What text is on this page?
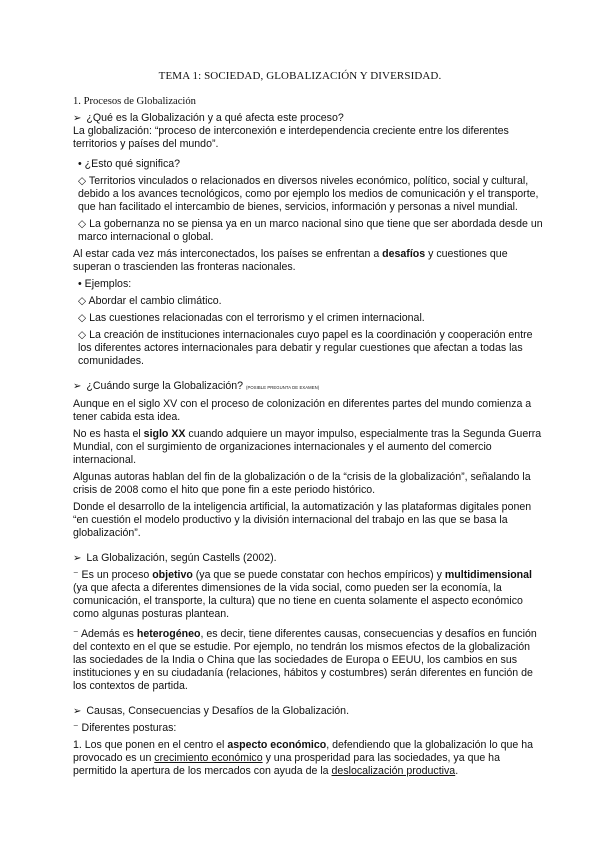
TEMA 1: SOCIEDAD, GLOBALIZACIÓN Y DIVERSIDAD.
1. Procesos de Globalización

➢ ¿Qué es la Globalización y a qué afecta este proceso?

La globalización: “proceso de interconexión e interdependencia creciente entre los diferentes territorios y países del mundo”.

• ¿Esto qué significa?

◇ Territorios vinculados o relacionados en diversos niveles económico, político, social y cultural, debido a los avances tecnológicos, como por ejemplo los medios de comunicación y el transporte, que han facilitado el intercambio de bienes, servicios, información y personas a nivel mundial.

◇ La gobernanza no se piensa ya en un marco nacional sino que tiene que ser abordada desde un marco internacional o global.

Al estar cada vez más interconectados, los países se enfrentan a desafíos y cuestiones que superan o trascienden las fronteras nacionales.

• Ejemplos:

◇ Abordar el cambio climático.

◇ Las cuestiones relacionadas con el terrorismo y el crimen internacional.

◇ La creación de instituciones internacionales cuyo papel es la coordinación y cooperación entre los diferentes actores internacionales para debatir y regular cuestiones que afectan a todas las comunidades.

➢ ¿Cuándo surge la Globalización? (POSIBLE PREGUNTA DE EXAMEN)

Aunque en el siglo XV con el proceso de colonización en diferentes partes del mundo comienza a tener cabida esta idea.

No es hasta el siglo XX cuando adquiere un mayor impulso, especialmente tras la Segunda Guerra Mundial, con el surgimiento de organizaciones internacionales y el aumento del comercio internacional.

Algunas autoras hablan del fin de la globalización o de la “crisis de la globalización”, señalando la crisis de 2008 como el hito que pone fin a este periodo histórico.

Donde el desarrollo de la inteligencia artificial, la automatización y las plataformas digitales ponen “en cuestión el modelo productivo y la división internacional del trabajo en las que se basa la globalización”.

➢ La Globalización, según Castells (2002).

⁻ Es un proceso objetivo (ya que se puede constatar con hechos empíricos) y multidimensional (ya que afecta a diferentes dimensiones de la vida social, como pueden ser la economía, la comunicación, el transporte, la cultura) que no tiene en cuenta solamente el aspecto económico como algunas posturas plantean.

⁻ Además es heterogéneo, es decir, tiene diferentes causas, consecuencias y desafíos en función del contexto en el que se estudie. Por ejemplo, no tendrán los mismos efectos de la globalización las sociedades de la India o China que las sociedades de Europa o EEUU, los cambios en sus instituciones y en su ciudadanía (relaciones, hábitos y costumbres) serán diferentes en función de los contextos de partida.

➢ Causas, Consecuencias y Desafíos de la Globalización.

⁻ Diferentes posturas:

1. Los que ponen en el centro el aspecto económico, defendiendo que la globalización lo que ha provocado es un crecimiento económico y una prosperidad para las sociedades, ya que ha permitido la apertura de los mercados con ayuda de la deslocalización productiva.
